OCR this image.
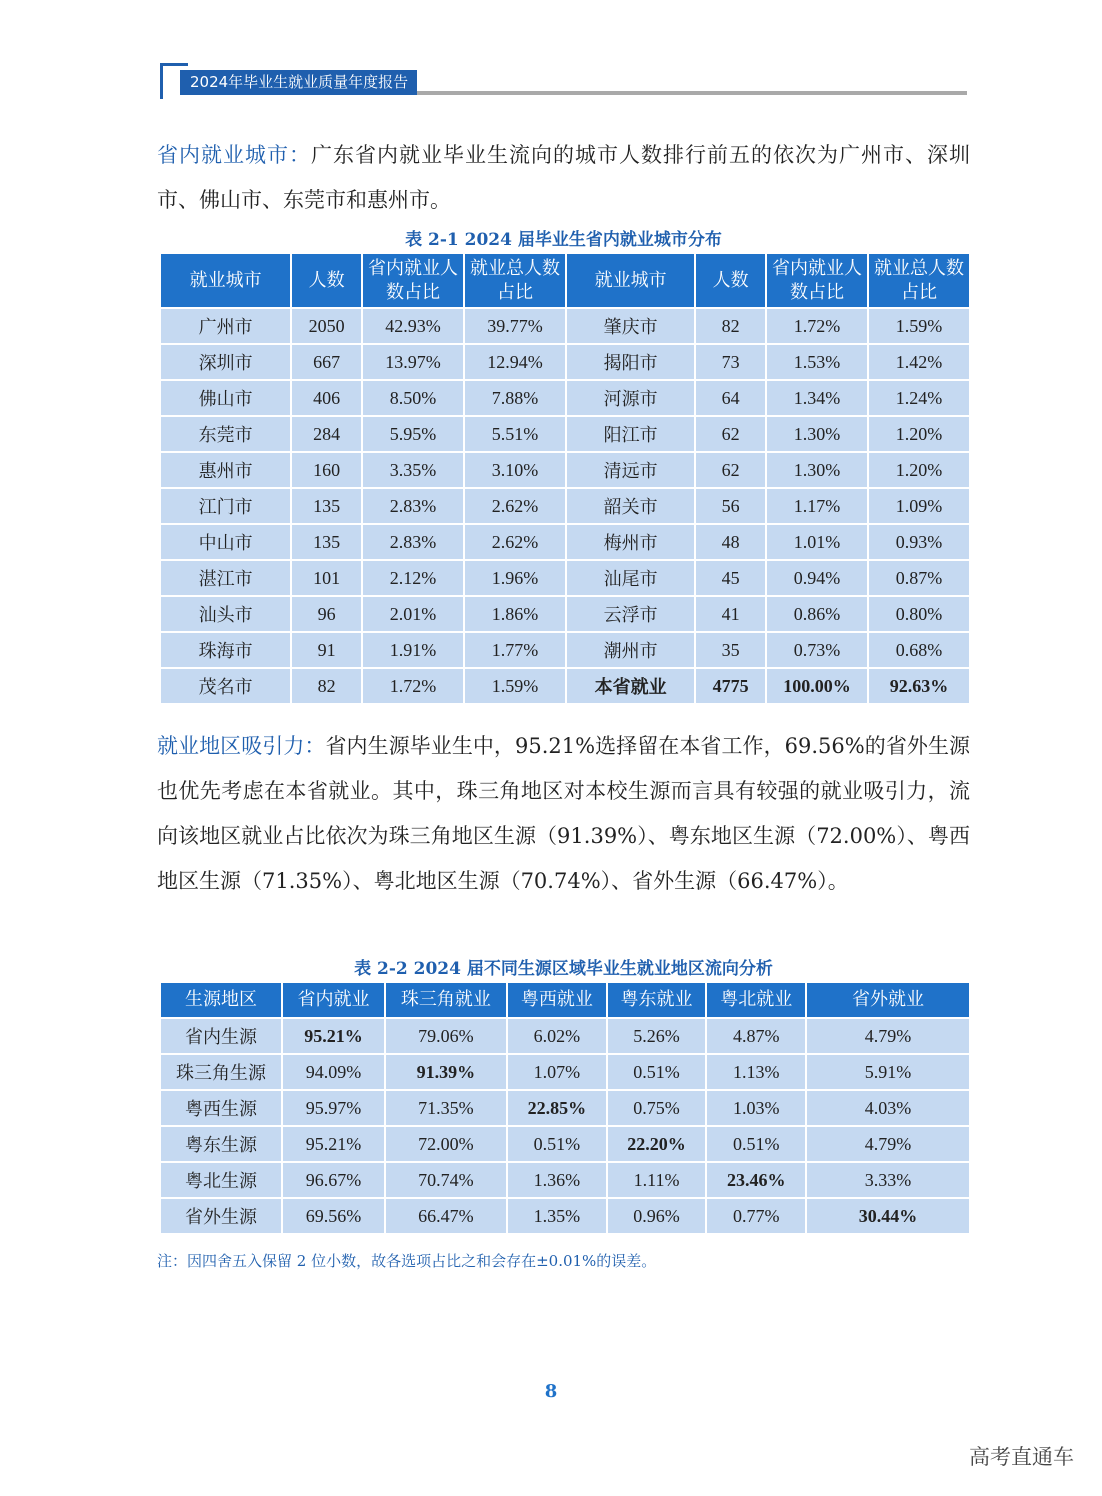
2024年毕业生就业质量年度报告

省内就业城市：广东省内就业毕业生流向的城市人数排行前五的依次为广州市、深圳市、佛山市、东莞市和惠州市。

表 2-1 2024 届毕业生省内就业城市分布
就业城市	人数	省内就业人数占比	就业总人数占比	就业城市	人数	省内就业人数占比	就业总人数占比
广州市	2050	42.93%	39.77%	肇庆市	82	1.72%	1.59%
深圳市	667	13.97%	12.94%	揭阳市	73	1.53%	1.42%
佛山市	406	8.50%	7.88%	河源市	64	1.34%	1.24%
东莞市	284	5.95%	5.51%	阳江市	62	1.30%	1.20%
惠州市	160	3.35%	3.10%	清远市	62	1.30%	1.20%
江门市	135	2.83%	2.62%	韶关市	56	1.17%	1.09%
中山市	135	2.83%	2.62%	梅州市	48	1.01%	0.93%
湛江市	101	2.12%	1.96%	汕尾市	45	0.94%	0.87%
汕头市	96	2.01%	1.86%	云浮市	41	0.86%	0.80%
珠海市	91	1.91%	1.77%	潮州市	35	0.73%	0.68%
茂名市	82	1.72%	1.59%	本省就业	4775	100.00%	92.63%

就业地区吸引力：省内生源毕业生中，95.21%选择留在本省工作，69.56%的省外生源也优先考虑在本省就业。其中，珠三角地区对本校生源而言具有较强的就业吸引力，流向该地区就业占比依次为珠三角地区生源（91.39%）、粤东地区生源（72.00%）、粤西地区生源（71.35%）、粤北地区生源（70.74%）、省外生源（66.47%）。

表 2-2 2024 届不同生源区域毕业生就业地区流向分析
生源地区	省内就业	珠三角就业	粤西就业	粤东就业	粤北就业	省外就业
省内生源	95.21%	79.06%	6.02%	5.26%	4.87%	4.79%
珠三角生源	94.09%	91.39%	1.07%	0.51%	1.13%	5.91%
粤西生源	95.97%	71.35%	22.85%	0.75%	1.03%	4.03%
粤东生源	95.21%	72.00%	0.51%	22.20%	0.51%	4.79%
粤北生源	96.67%	70.74%	1.36%	1.11%	23.46%	3.33%
省外生源	69.56%	66.47%	1.35%	0.96%	0.77%	30.44%
注：因四舍五入保留 2 位小数，故各选项占比之和会存在±0.01%的误差。
8
高考直通车
